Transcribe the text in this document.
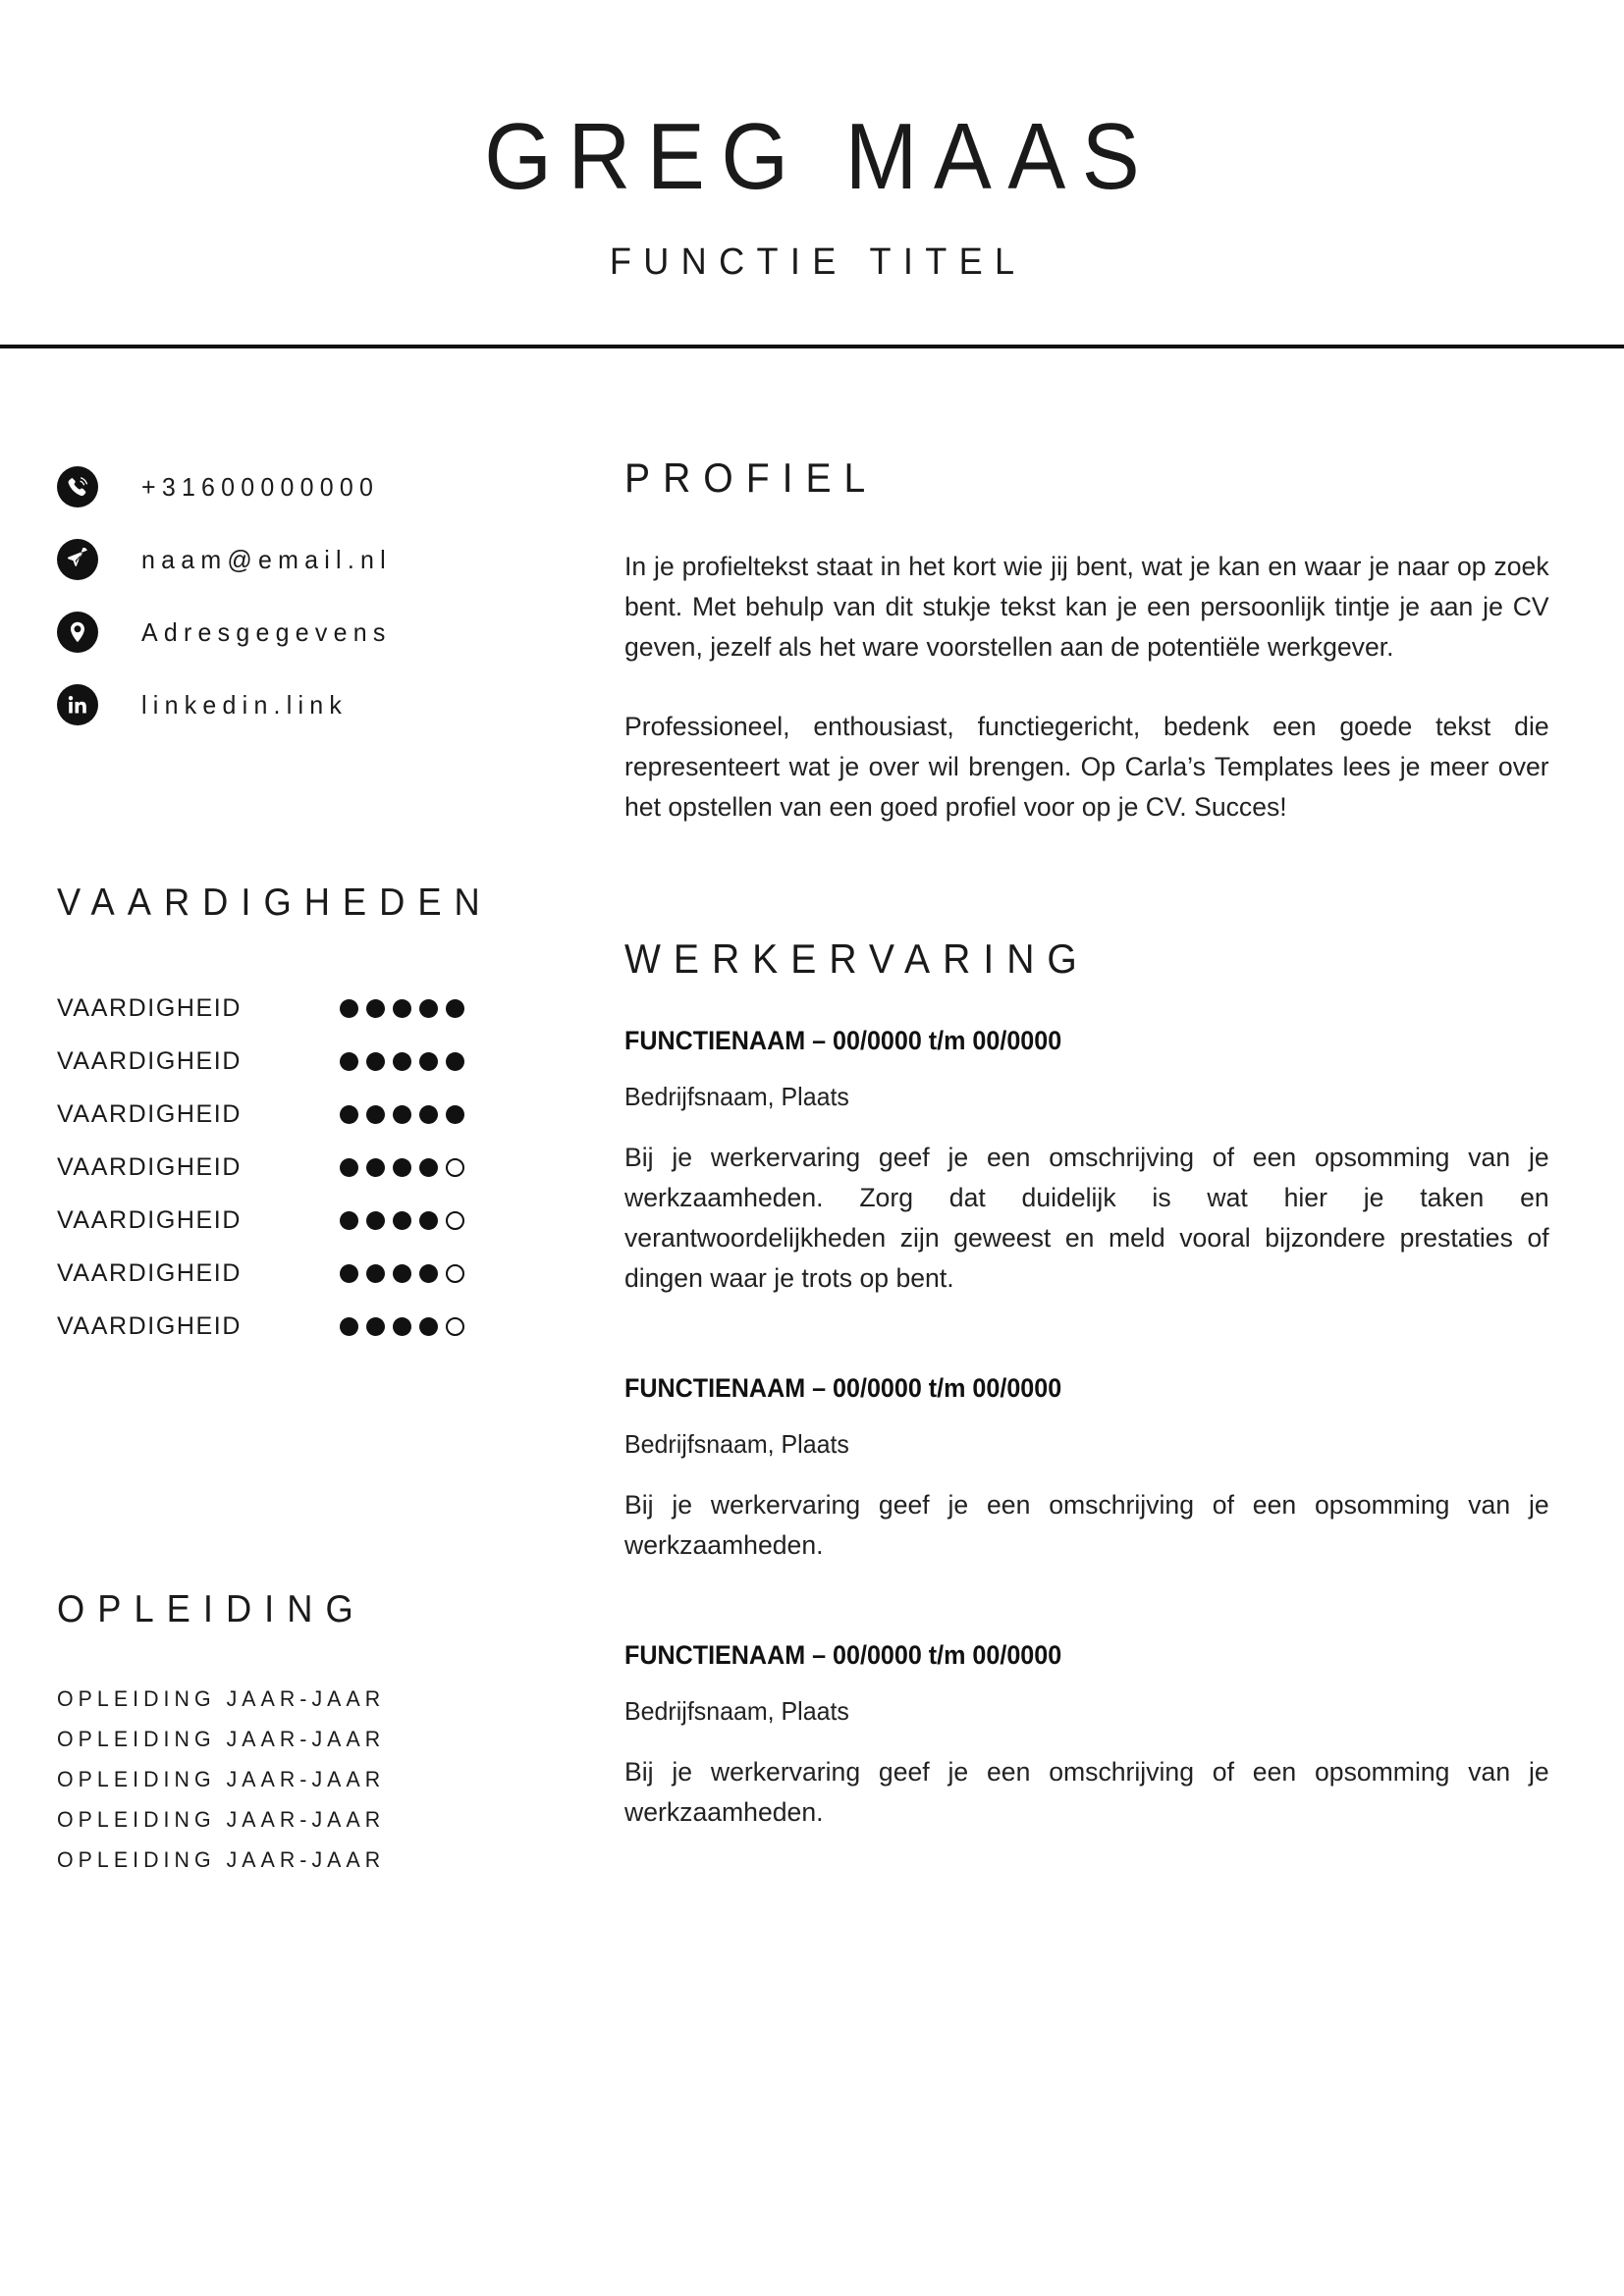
GREG MAAS
FUNCTIE TITEL
+31600000000
naam@email.nl
Adresgegevens
linkedin.link
VAARDIGHEDEN
VAARDIGHEID
VAARDIGHEID
VAARDIGHEID
VAARDIGHEID
VAARDIGHEID
VAARDIGHEID
VAARDIGHEID
OPLEIDING
OPLEIDING JAAR-JAAR
OPLEIDING JAAR-JAAR
OPLEIDING JAAR-JAAR
OPLEIDING JAAR-JAAR
OPLEIDING JAAR-JAAR
PROFIEL

In je profieltekst staat in het kort wie jij bent, wat je kan en waar je naar op zoek bent. Met behulp van dit stukje tekst kan je een persoonlijk tintje je aan je CV geven, jezelf als het ware voorstellen aan de potentiële werkgever.

Professioneel, enthousiast, functiegericht, bedenk een goede tekst die representeert wat je over wil brengen. Op Carla’s Templates lees je meer over het opstellen van een goed profiel voor op je CV. Succes!

WERKERVARING
FUNCTIENAAM – 00/0000 t/m 00/0000
Bedrijfsnaam, Plaats

Bij je werkervaring geef je een omschrijving of een opsomming van je werkzaamheden. Zorg dat duidelijk is wat hier je taken en verantwoordelijkheden zijn geweest en meld vooral bijzondere prestaties of dingen waar je trots op bent.

FUNCTIENAAM – 00/0000 t/m 00/0000
Bedrijfsnaam, Plaats

Bij je werkervaring geef je een omschrijving of een opsomming van je werkzaamheden.

FUNCTIENAAM – 00/0000 t/m 00/0000
Bedrijfsnaam, Plaats

Bij je werkervaring geef je een omschrijving of een opsomming van je werkzaamheden.
